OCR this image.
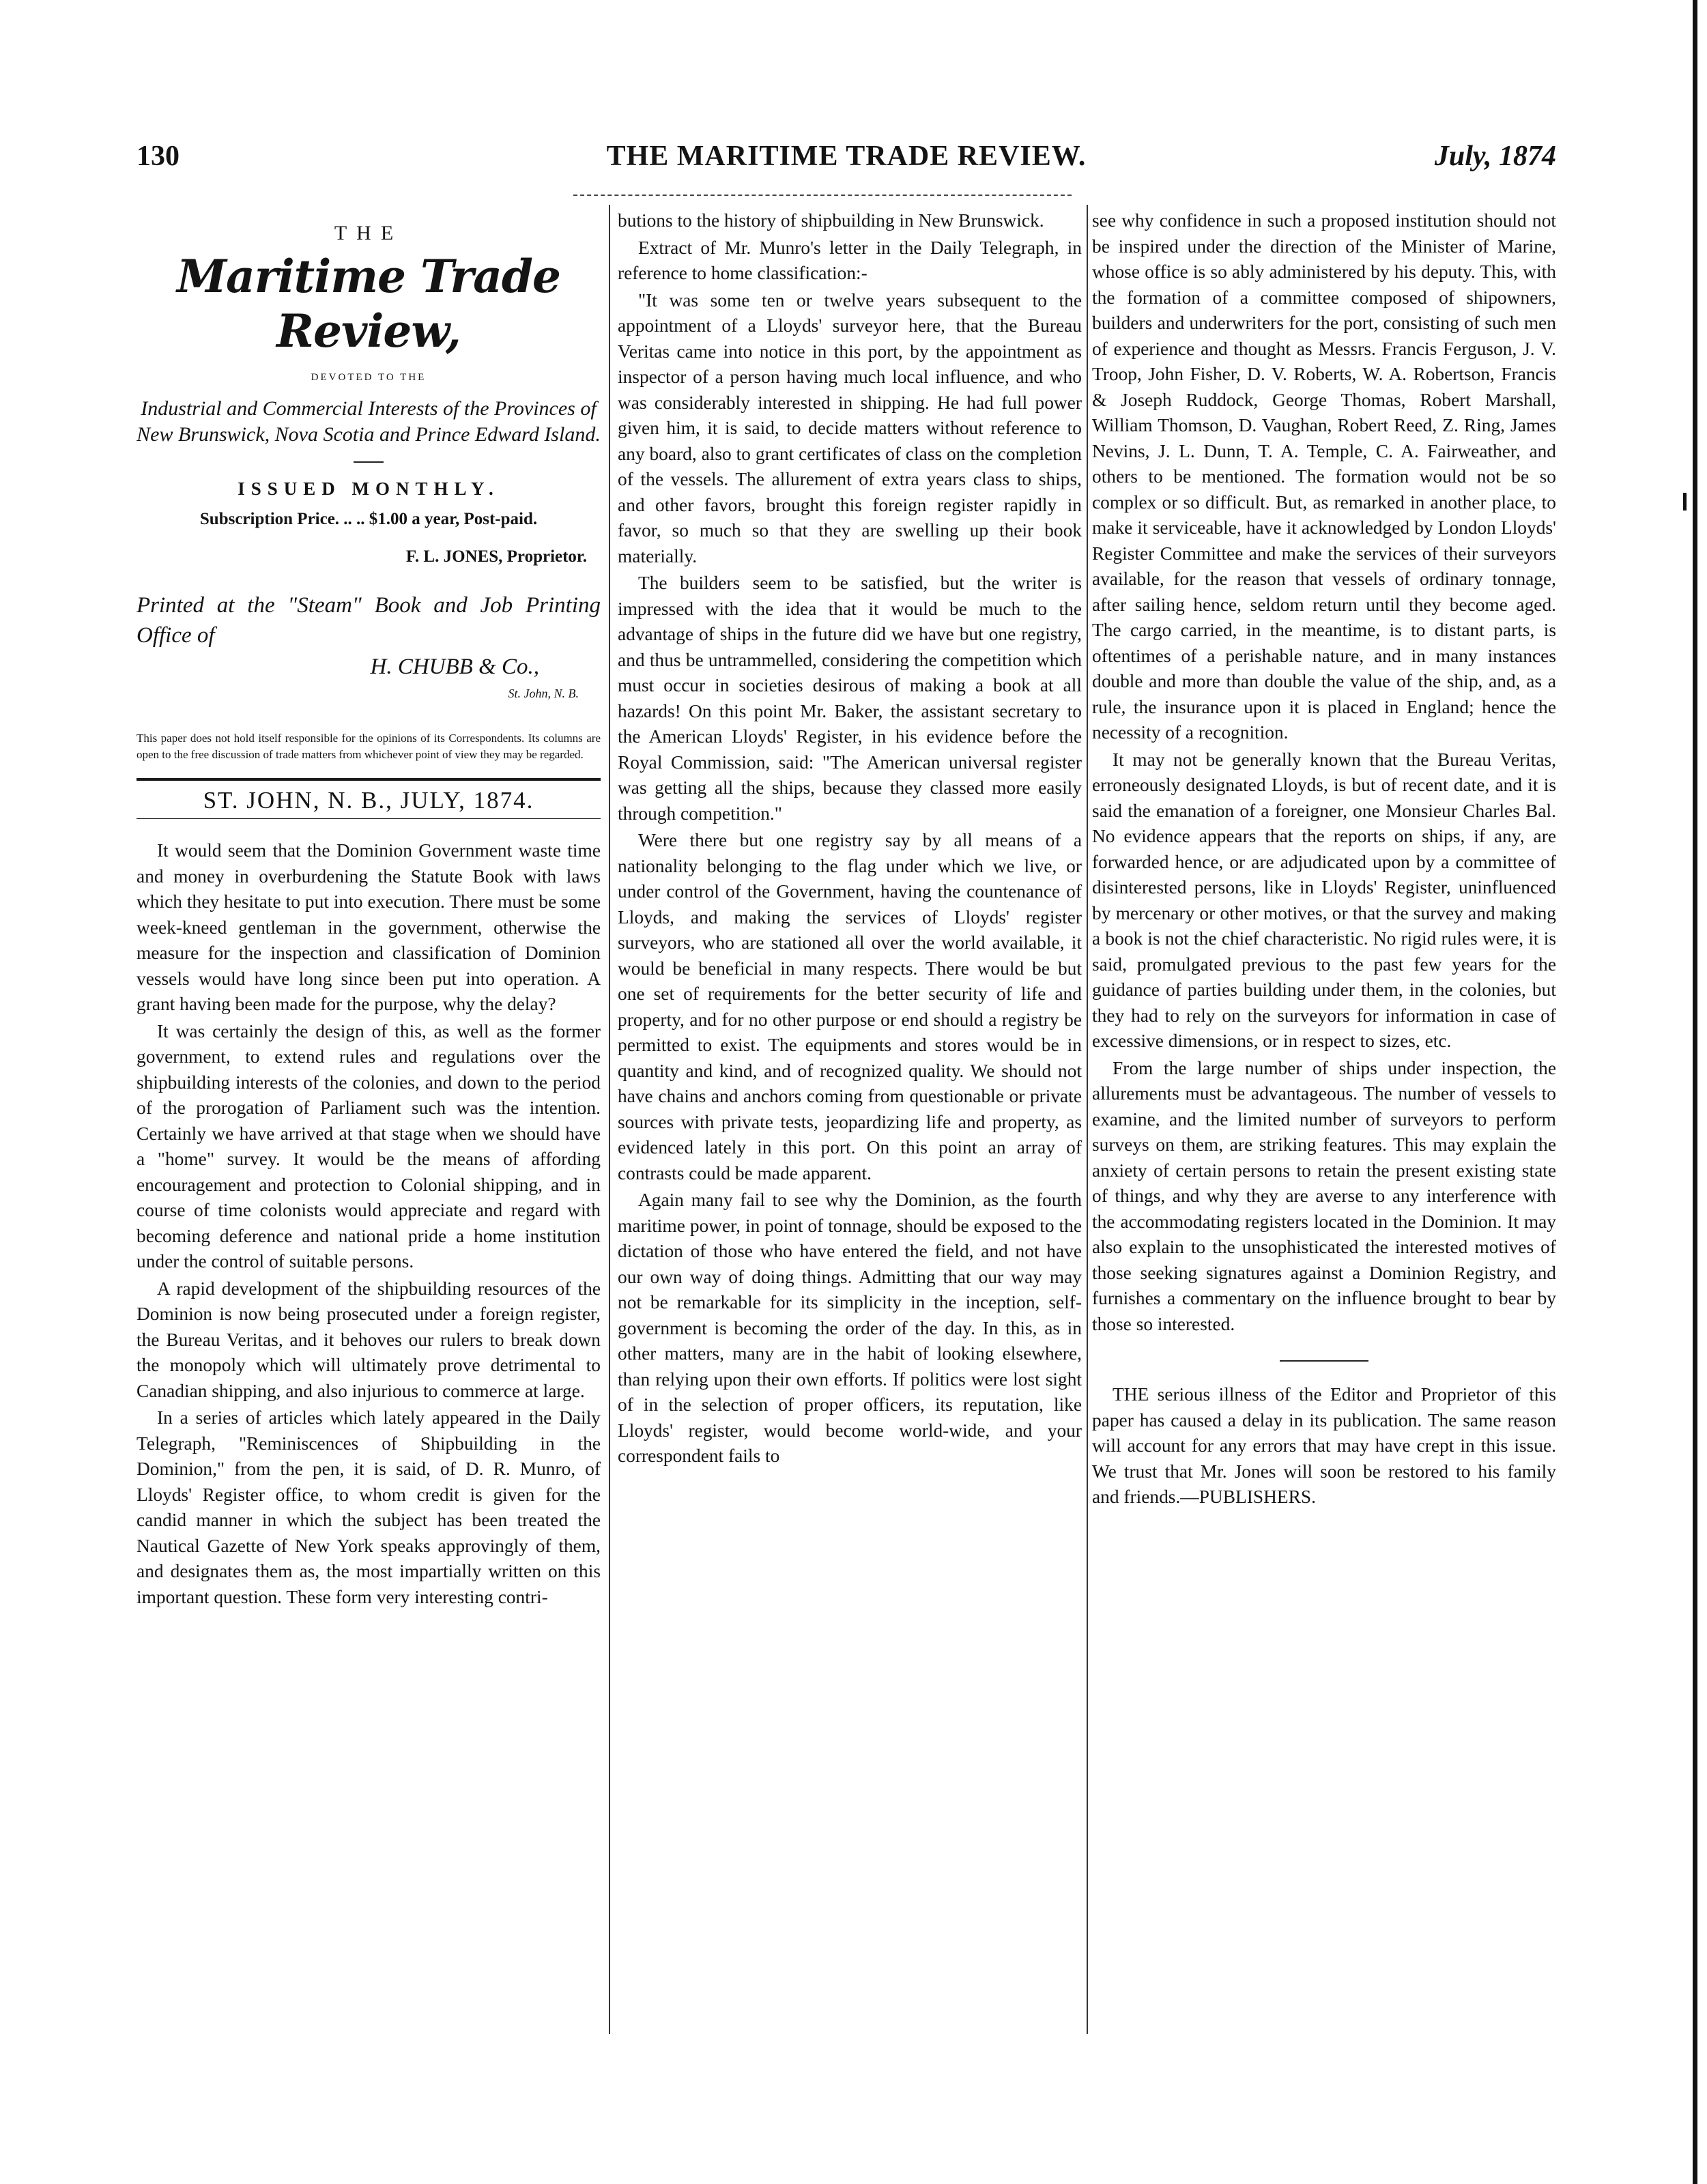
130	THE MARITIME TRADE REVIEW.	July, 1874
THE
Maritime Trade Review,
DEVOTED TO THE
Industrial and Commercial Interests of the Provinces of New Brunswick, Nova Scotia and Prince Edward Island.
ISSUED MONTHLY.
Subscription Price. .. .. $1.00 a year, Post-paid.
F. L. JONES, Proprietor.
Printed at the "Steam" Book and Job Printing Office of
H. CHUBB & Co.,
St. John, N. B.
This paper does not hold itself responsible for the opinions of its Correspondents. Its columns are open to the free discussion of trade matters from whichever point of view they may be regarded.
ST. JOHN, N. B., JULY, 1874.

It would seem that the Dominion Government waste time and money in overburdening the Statute Book with laws which they hesitate to put into execution. There must be some week-kneed gentleman in the government, otherwise the measure for the inspection and classification of Dominion vessels would have long since been put into operation. A grant having been made for the purpose, why the delay?

It was certainly the design of this, as well as the former government, to extend rules and regulations over the shipbuilding interests of the colonies, and down to the period of the prorogation of Parliament such was the intention. Certainly we have arrived at that stage when we should have a "home" survey. It would be the means of affording encouragement and protection to Colonial shipping, and in course of time colonists would appreciate and regard with becoming deference and national pride a home institution under the control of suitable persons.

A rapid development of the shipbuilding resources of the Dominion is now being prosecuted under a foreign register, the Bureau Veritas, and it behoves our rulers to break down the monopoly which will ultimately prove detrimental to Canadian shipping, and also injurious to commerce at large.

In a series of articles which lately appeared in the Daily Telegraph, "Reminiscences of Shipbuilding in the Dominion," from the pen, it is said, of D. R. Munro, of Lloyds' Register office, to whom credit is given for the candid manner in which the subject has been treated the Nautical Gazette of New York speaks approvingly of them, and designates them as, the most impartially written on this important question. These form very interesting contri-

butions to the history of shipbuilding in New Brunswick.

Extract of Mr. Munro's letter in the Daily Telegraph, in reference to home classification:-

"It was some ten or twelve years subsequent to the appointment of a Lloyds' surveyor here, that the Bureau Veritas came into notice in this port, by the appointment as inspector of a person having much local influence, and who was considerably interested in shipping. He had full power given him, it is said, to decide matters without reference to any board, also to grant certificates of class on the completion of the vessels. The allurement of extra years class to ships, and other favors, brought this foreign register rapidly in favor, so much so that they are swelling up their book materially.

The builders seem to be satisfied, but the writer is impressed with the idea that it would be much to the advantage of ships in the future did we have but one registry, and thus be untrammelled, considering the competition which must occur in societies desirous of making a book at all hazards! On this point Mr. Baker, the assistant secretary to the American Lloyds' Register, in his evidence before the Royal Commission, said: "The American universal register was getting all the ships, because they classed more easily through competition."

Were there but one registry say by all means of a nationality belonging to the flag under which we live, or under control of the Government, having the countenance of Lloyds, and making the services of Lloyds' register surveyors, who are stationed all over the world available, it would be beneficial in many respects. There would be but one set of requirements for the better security of life and property, and for no other purpose or end should a registry be permitted to exist. The equipments and stores would be in quantity and kind, and of recognized quality. We should not have chains and anchors coming from questionable or private sources with private tests, jeopardizing life and property, as evidenced lately in this port. On this point an array of contrasts could be made apparent.

Again many fail to see why the Dominion, as the fourth maritime power, in point of tonnage, should be exposed to the dictation of those who have entered the field, and not have our own way of doing things. Admitting that our way may not be remarkable for its simplicity in the inception, self-government is becoming the order of the day. In this, as in other matters, many are in the habit of looking elsewhere, than relying upon their own efforts. If politics were lost sight of in the selection of proper officers, its reputation, like Lloyds' register, would become world-wide, and your correspondent fails to

see why confidence in such a proposed institution should not be inspired under the direction of the Minister of Marine, whose office is so ably administered by his deputy. This, with the formation of a committee composed of shipowners, builders and underwriters for the port, consisting of such men of experience and thought as Messrs. Francis Ferguson, J. V. Troop, John Fisher, D. V. Roberts, W. A. Robertson, Francis & Joseph Ruddock, George Thomas, Robert Marshall, William Thomson, D. Vaughan, Robert Reed, Z. Ring, James Nevins, J. L. Dunn, T. A. Temple, C. A. Fairweather, and others to be mentioned. The formation would not be so complex or so difficult. But, as remarked in another place, to make it serviceable, have it acknowledged by London Lloyds' Register Committee and make the services of their surveyors available, for the reason that vessels of ordinary tonnage, after sailing hence, seldom return until they become aged. The cargo carried, in the meantime, is to distant parts, is oftentimes of a perishable nature, and in many instances double and more than double the value of the ship, and, as a rule, the insurance upon it is placed in England; hence the necessity of a recognition.

It may not be generally known that the Bureau Veritas, erroneously designated Lloyds, is but of recent date, and it is said the emanation of a foreigner, one Monsieur Charles Bal. No evidence appears that the reports on ships, if any, are forwarded hence, or are adjudicated upon by a committee of disinterested persons, like in Lloyds' Register, uninfluenced by mercenary or other motives, or that the survey and making a book is not the chief characteristic. No rigid rules were, it is said, promulgated previous to the past few years for the guidance of parties building under them, in the colonies, but they had to rely on the surveyors for information in case of excessive dimensions, or in respect to sizes, etc.

From the large number of ships under inspection, the allurements must be advantageous. The number of vessels to examine, and the limited number of surveyors to perform surveys on them, are striking features. This may explain the anxiety of certain persons to retain the present existing state of things, and why they are averse to any interference with the accommodating registers located in the Dominion. It may also explain to the unsophisticated the interested motives of those seeking signatures against a Dominion Registry, and furnishes a commentary on the influence brought to bear by those so interested.

THE serious illness of the Editor and Proprietor of this paper has caused a delay in its publication. The same reason will account for any errors that may have crept in this issue. We trust that Mr. Jones will soon be restored to his family and friends.—PUBLISHERS.
